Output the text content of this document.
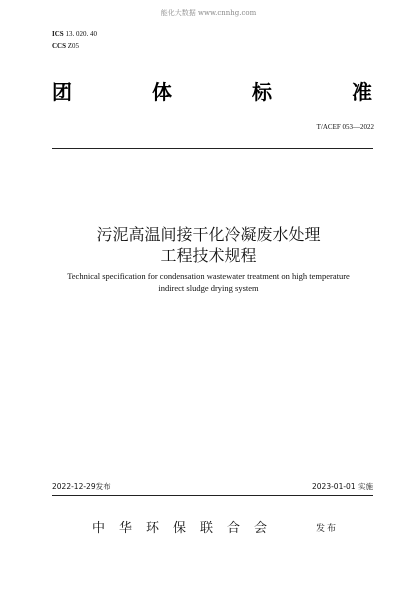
能化大数据 www.cnnhg.com
ICS 13. 020. 40
CCS Z05
团	体	标	准
T/ACEF 053—2022
污泥高温间接干化冷凝废水处理
工程技术规程
Technical specification for condensation wastewater treatment on high temperature
indirect sludge drying system
2022-12-29发布	2023-01-01 实施
中华环保联合会	发布
